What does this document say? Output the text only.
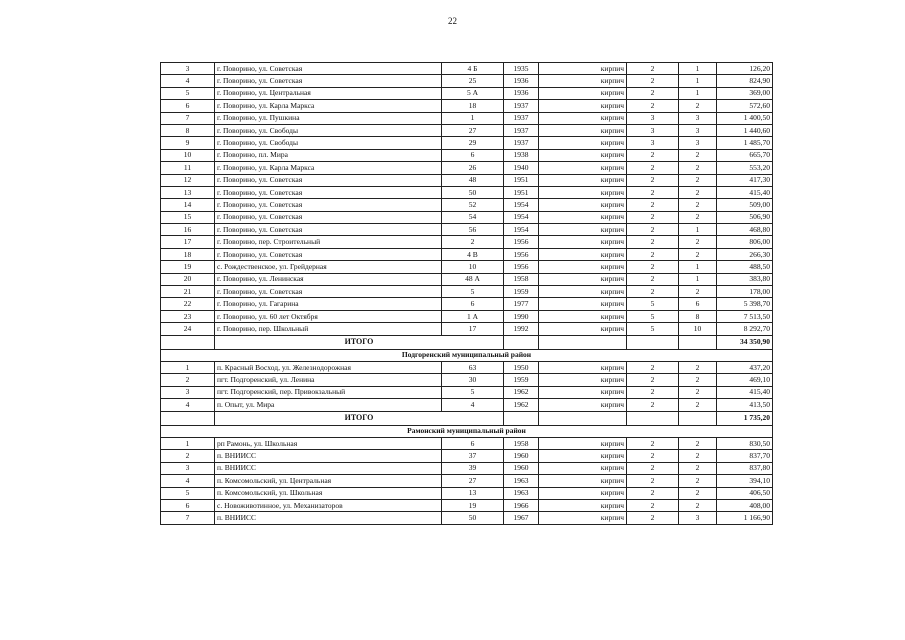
22
3	г. Поворино, ул. Советская	4 Б	1935	кирпич	2	1	126,20
4	г. Поворино, ул. Советская	25	1936	кирпич	2	1	824,90
5	г. Поворино, ул. Центральная	5 А	1936	кирпич	2	1	369,00
6	г. Поворино, ул. Карла Маркса	18	1937	кирпич	2	2	572,60
7	г. Поворино, ул. Пушкина	1	1937	кирпич	3	3	1 400,50
8	г. Поворино, ул. Свободы	27	1937	кирпич	3	3	1 440,60
9	г. Поворино, ул. Свободы	29	1937	кирпич	3	3	1 485,70
10	г. Поворино, пл. Мира	6	1938	кирпич	2	2	665,70
11	г. Поворино, ул. Карла Маркса	26	1940	кирпич	2	2	553,20
12	г. Поворино, ул. Советская	48	1951	кирпич	2	2	417,30
13	г. Поворино, ул. Советская	50	1951	кирпич	2	2	415,40
14	г. Поворино, ул. Советская	52	1954	кирпич	2	2	509,00
15	г. Поворино, ул. Советская	54	1954	кирпич	2	2	506,90
16	г. Поворино, ул. Советская	56	1954	кирпич	2	1	468,80
17	г. Поворино, пер. Строительный	2	1956	кирпич	2	2	806,00
18	г. Поворино, ул. Советская	4 В	1956	кирпич	2	2	266,30
19	с. Рождественское, ул. Грейдерная	10	1956	кирпич	2	1	488,50
20	г. Поворино, ул. Ленинская	48 А	1958	кирпич	2	1	383,80
21	г. Поворино, ул. Советская	5	1959	кирпич	2	2	178,00
22	г. Поворино, ул. Гагарина	6	1977	кирпич	5	6	5 398,70
23	г. Поворино, ул. 60 лет Октября	1 А	1990	кирпич	5	8	7 513,50
24	г. Поворино, пер. Школьный	17	1992	кирпич	5	10	8 292,70
	ИТОГО						34 350,90
Подгоренский муниципальный район							
1	п. Красный Восход, ул. Железнодорожная	63	1950	кирпич	2	2	437,20
2	пгт. Подгоренский, ул. Ленина	30	1959	кирпич	2	2	469,10
3	пгт. Подгоренский, пер. Привокзальный	5	1962	кирпич	2	2	415,40
4	п. Опыт, ул. Мира	4	1962	кирпич	2	2	413,50
	ИТОГО						1 735,20
Рамонский муниципальный район							
1	рп Рамонь, ул. Школьная	6	1958	кирпич	2	2	830,50
2	п. ВНИИСС	37	1960	кирпич	2	2	837,70
3	п. ВНИИСС	39	1960	кирпич	2	2	837,80
4	п. Комсомольский, ул. Центральная	27	1963	кирпич	2	2	394,10
5	п. Комсомольский, ул. Школьная	13	1963	кирпич	2	2	406,50
6	с. Новоживотинное, ул. Механизаторов	19	1966	кирпич	2	2	408,00
7	п. ВНИИСС	50	1967	кирпич	2	3	1 166,90
